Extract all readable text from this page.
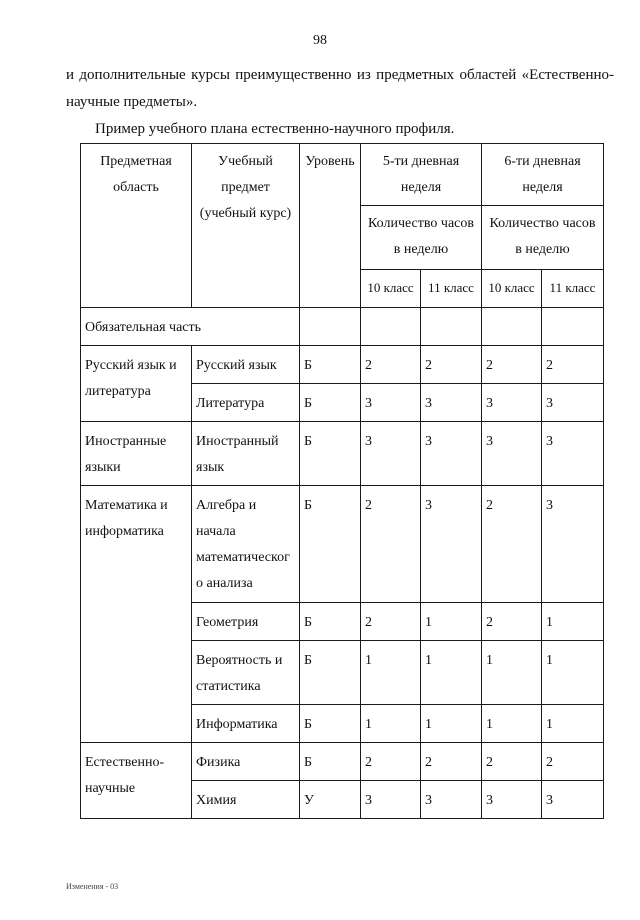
98
и дополнительные курсы преимущественно из предметных областей «Естественно-научные предметы».
Пример учебного плана естественно-научного профиля.
Предметная область	Учебный предмет (учебный курс)	Уровень	5-ти дневная неделя		6-ти дневная неделя	
			Количество часов в неделю		Количество часов в неделю	
			10 класс	11 класс	10 класс	11 класс
Обязательная часть						
Русский язык и литература	Русский язык	Б	2	2	2	2
	Литература	Б	3	3	3	3
Иностранные языки	Иностранный язык	Б	3	3	3	3
Математика и информатика	Алгебра и начала математическог о анализа	Б	2	3	2	3
	Геометрия	Б	2	1	2	1
	Вероятность и статистика	Б	1	1	1	1
	Информатика	Б	1	1	1	1
Естественно-научные	Физика	Б	2	2	2	2
	Химия	У	3	3	3	3
Изменения - 03
